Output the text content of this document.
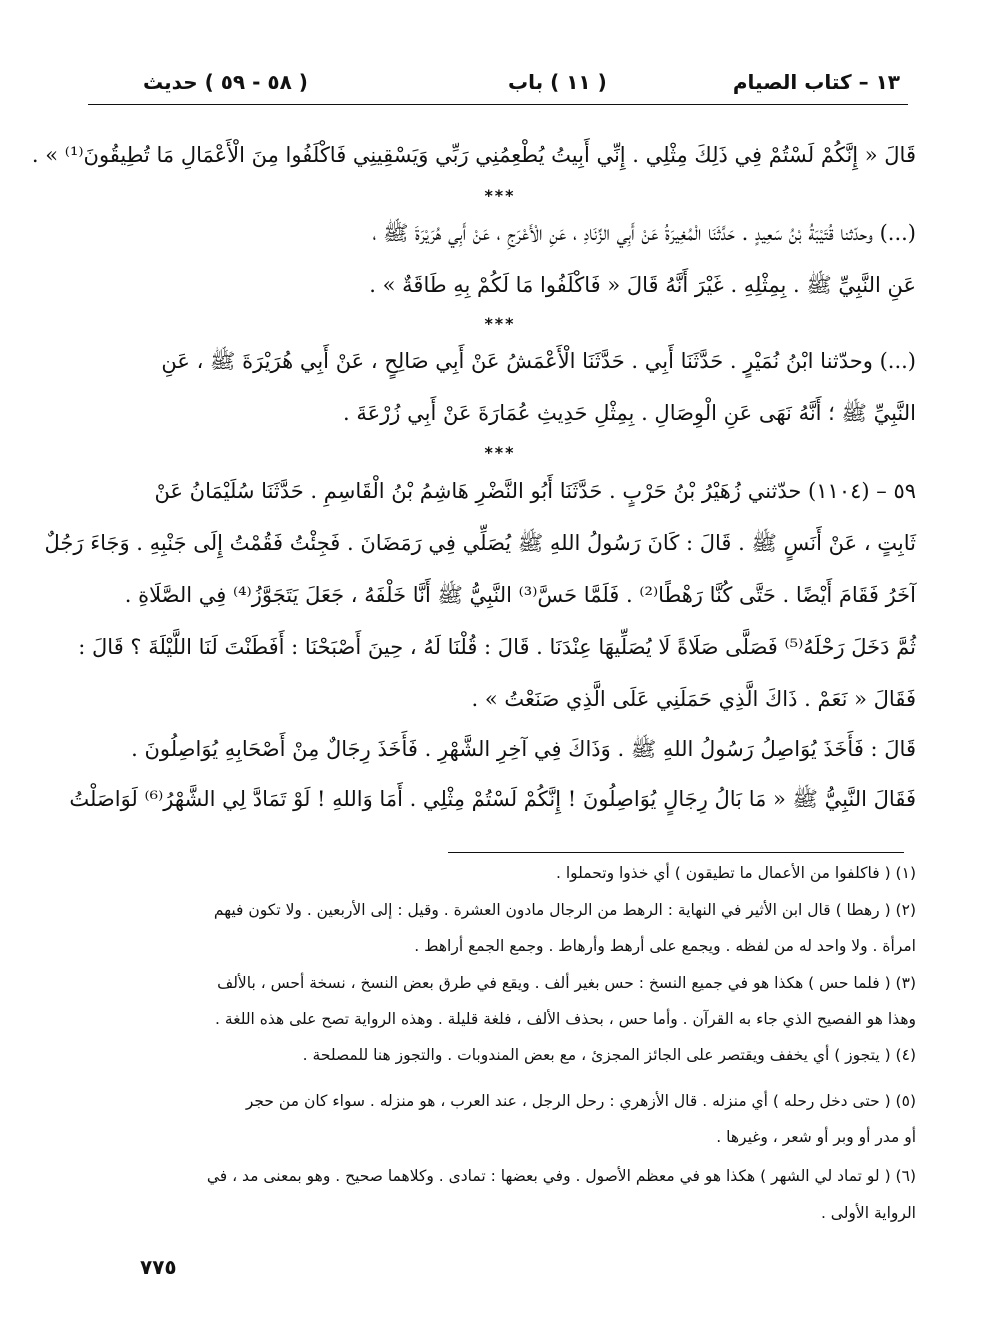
١٣ – كتاب الصيام
( ١١ ) باب
( ٥٨ - ٥٩ ) حديث
قَالَ « إِنَّكُمْ لَسْتُمْ فِي ذَلِكَ مِثْلِي . إِنِّي أَبِيتُ يُطْعِمُنِي رَبِّي وَيَسْقِينِي فَاكْلَفُوا مِنَ الْأَعْمَالِ مَا تُطِيقُونَ⁽¹⁾ » .
***
(...) وحدّثنا قُتَيْبَةُ بْنُ سَعِيدٍ . حَدَّثَنَا الْمُغِيرَةُ عَنْ أَبِي الزِّنَادِ ، عَنِ الْأَعْرَجِ ، عَنْ أَبِي هُرَيْرَةَ ﷺ ،
عَنِ النَّبِيِّ ﷺ . بِمِثْلِهِ . غَيْرَ أَنَّهُ قَالَ « فَاكْلَفُوا مَا لَكُمْ بِهِ طَاقَةٌ » .
***
(...) وحدّثنا ابْنُ نُمَيْرٍ . حَدَّثَنَا أَبِي . حَدَّثَنَا الْأَعْمَشُ عَنْ أَبِي صَالِحٍ ، عَنْ أَبِي هُرَيْرَةَ ﷺ ، عَنِ
النَّبِيِّ ﷺ ؛ أَنَّهُ نَهَى عَنِ الْوِصَالِ . بِمِثْلِ حَدِيثِ عُمَارَةَ عَنْ أَبِي زُرْعَةَ .
***
٥٩ – (١١٠٤) حدّثني زُهَيْرُ بْنُ حَرْبٍ . حَدَّثَنَا أَبُو النَّضْرِ هَاشِمُ بْنُ الْقَاسِمِ . حَدَّثَنَا سُلَيْمَانُ عَنْ
ثَابِتٍ ، عَنْ أَنَسٍ ﷺ . قَالَ : كَانَ رَسُولُ اللهِ ﷺ يُصَلِّي فِي رَمَضَانَ . فَجِئْتُ فَقُمْتُ إِلَى جَنْبِهِ . وَجَاءَ رَجُلٌ
آخَرُ فَقَامَ أَيْضًا . حَتَّى كُنَّا رَهْطًا⁽²⁾ . فَلَمَّا حَسَّ⁽³⁾ النَّبِيُّ ﷺ أَنَّا خَلْفَهُ ، جَعَلَ يَتَجَوَّزُ⁽⁴⁾ فِي الصَّلَاةِ .
ثُمَّ دَخَلَ رَحْلَهُ⁽⁵⁾ فَصَلَّى صَلَاةً لَا يُصَلِّيهَا عِنْدَنَا . قَالَ : قُلْنَا لَهُ ، حِينَ أَصْبَحْنَا : أَفَطَنْتَ لَنَا اللَّيْلَةَ ؟ قَالَ :
فَقَالَ « نَعَمْ . ذَاكَ الَّذِي حَمَلَنِي عَلَى الَّذِي صَنَعْتُ » .
قَالَ : فَأَخَذَ يُوَاصِلُ رَسُولُ اللهِ ﷺ . وَذَاكَ فِي آخِرِ الشَّهْرِ . فَأَخَذَ رِجَالٌ مِنْ أَصْحَابِهِ يُوَاصِلُونَ .
فَقَالَ النَّبِيُّ ﷺ « مَا بَالُ رِجَالٍ يُوَاصِلُونَ ! إِنَّكُمْ لَسْتُمْ مِثْلِي . أَمَا وَاللهِ ! لَوْ تَمَادَّ لِي الشَّهْرُ⁽⁶⁾ لَوَاصَلْتُ
(١) ( فاكلفوا من الأعمال ما تطيقون ) أي خذوا وتحملوا .
(٢) ( رهطا ) قال ابن الأثير في النهاية : الرهط من الرجال مادون العشرة . وقيل : إلى الأربعين . ولا تكون فيهم
امرأة . ولا واحد له من لفظه . ويجمع على أرهط وأرهاط . وجمع الجمع أراهط .
(٣) ( فلما حس ) هكذا هو في جميع النسخ : حس بغير ألف . ويقع في طرق بعض النسخ ، نسخة أحس ، بالألف
وهذا هو الفصيح الذي جاء به القرآن . وأما حس ، بحذف الألف ، فلغة قليلة . وهذه الرواية تصح على هذه اللغة .
(٤) ( يتجوز ) أي يخفف ويقتصر على الجائز المجزئ ، مع بعض المندوبات . والتجوز هنا للمصلحة .
(٥) ( حتى دخل رحله ) أي منزله . قال الأزهري : رحل الرجل ، عند العرب ، هو منزله . سواء كان من حجر
أو مدر أو وبر أو شعر ، وغيرها .
(٦) ( لو تماد لي الشهر ) هكذا هو في معظم الأصول . وفي بعضها : تمادى . وكلاهما صحيح . وهو بمعنى مد ، في
الرواية الأولى .
٧٧٥
